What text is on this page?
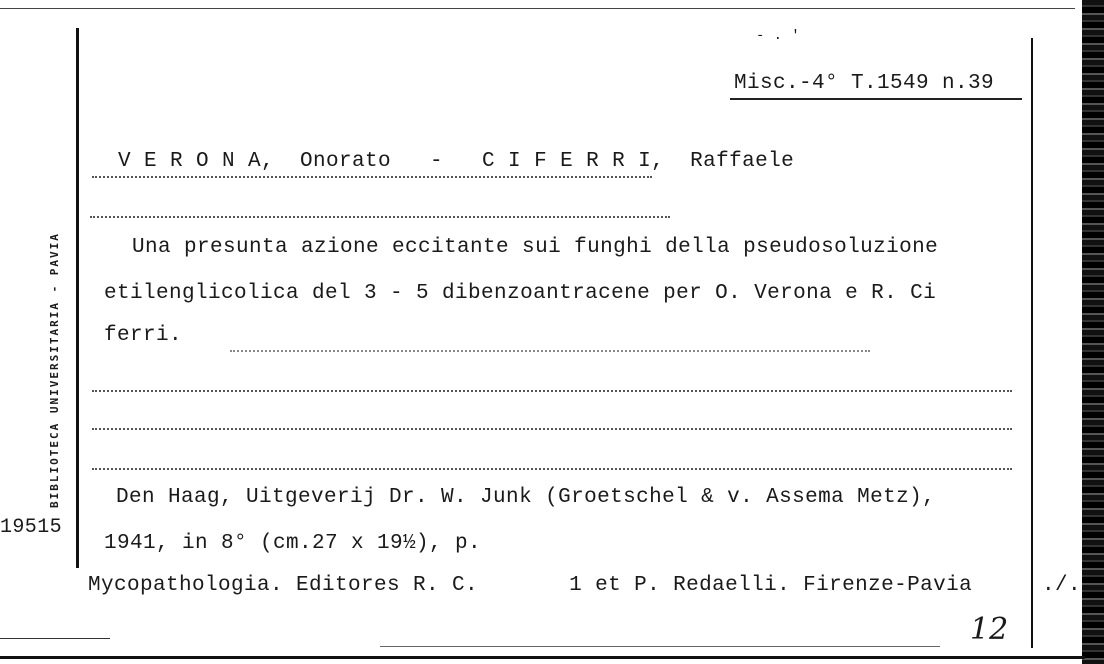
BIBLIOTECA UNIVERSITARIA - PAVIA
19515
- . '
Misc.-4° T.1549 n.39
V E R O N A,  Onorato   -   C I F E R R I,  Raffaele
Una presunta azione eccitante sui funghi della pseudosoluzione
etilenglicolica del 3 - 5 dibenzoantracene per O. Verona e R. Ci
ferri.
Den Haag, Uitgeverij Dr. W. Junk (Groetschel & v. Assema Metz),
1941, in 8° (cm.27 x 19½), p.
Mycopathologia. Editores R. C.       1 et P. Redaelli. Firenze-Pavia	./.
12
